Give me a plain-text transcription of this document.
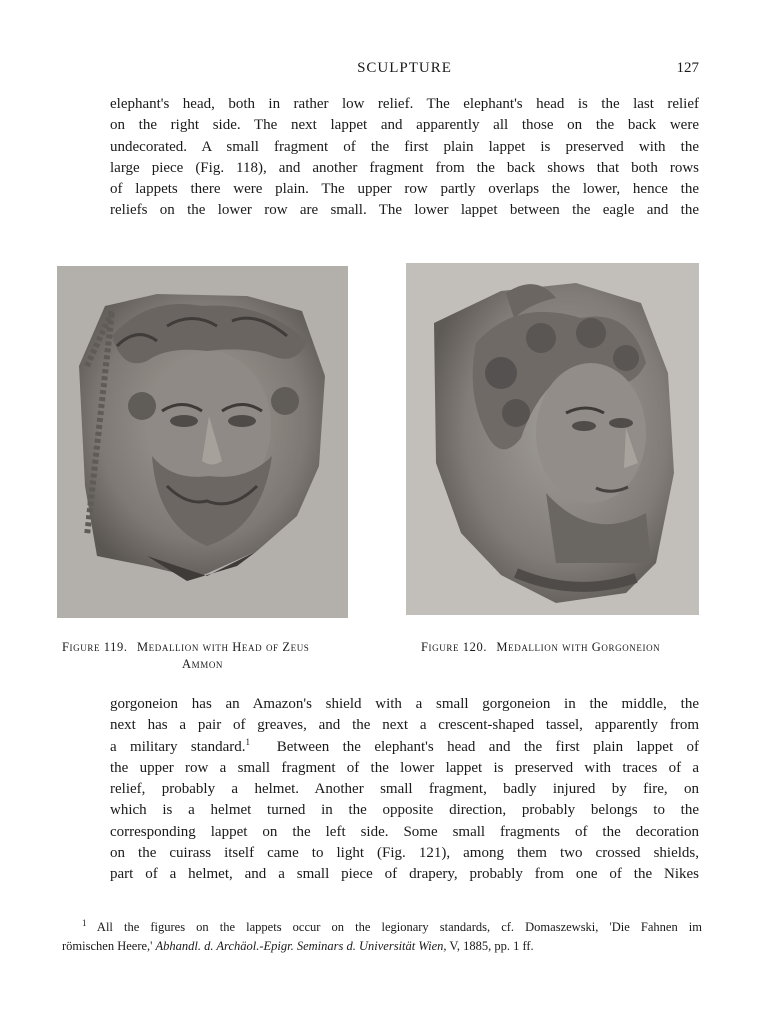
SCULPTURE	127
elephant's head, both in rather low relief. The elephant's head is the last relief
on the right side. The next lappet and apparently all those on the back were
undecorated. A small fragment of the first plain lappet is preserved with the
large piece (Fig. 118), and another fragment from the back shows that both rows
of lappets there were plain. The upper row partly overlaps the lower, hence the
reliefs on the lower row are small. The lower lappet between the eagle and the
Figure 119. Medallion with Head of Zeus
Ammon
Figure 120. Medallion with Gorgoneion
gorgoneion has an Amazon's shield with a small gorgoneion in the middle, the
next has a pair of greaves, and the next a crescent-shaped tassel, apparently from
a military standard.$^1$  Between the elephant's head and the first plain lappet of
the upper row a small fragment of the lower lappet is preserved with traces of a
relief, probably a helmet. Another small fragment, badly injured by fire, on
which is a helmet turned in the opposite direction, probably belongs to the
corresponding lappet on the left side. Some small fragments of the decoration
on the cuirass itself came to light (Fig. 121), among them two crossed shields,
part of a helmet, and a small piece of drapery, probably from one of the Nikes
$^1$ All the figures on the lappets occur on the legionary standards, cf. Domaszewski, 'Die Fahnen im
römischen Heere,' Abhandl. d. Archäol.-Epigr. Seminars d. Universität Wien, V, 1885, pp. 1 ff.
